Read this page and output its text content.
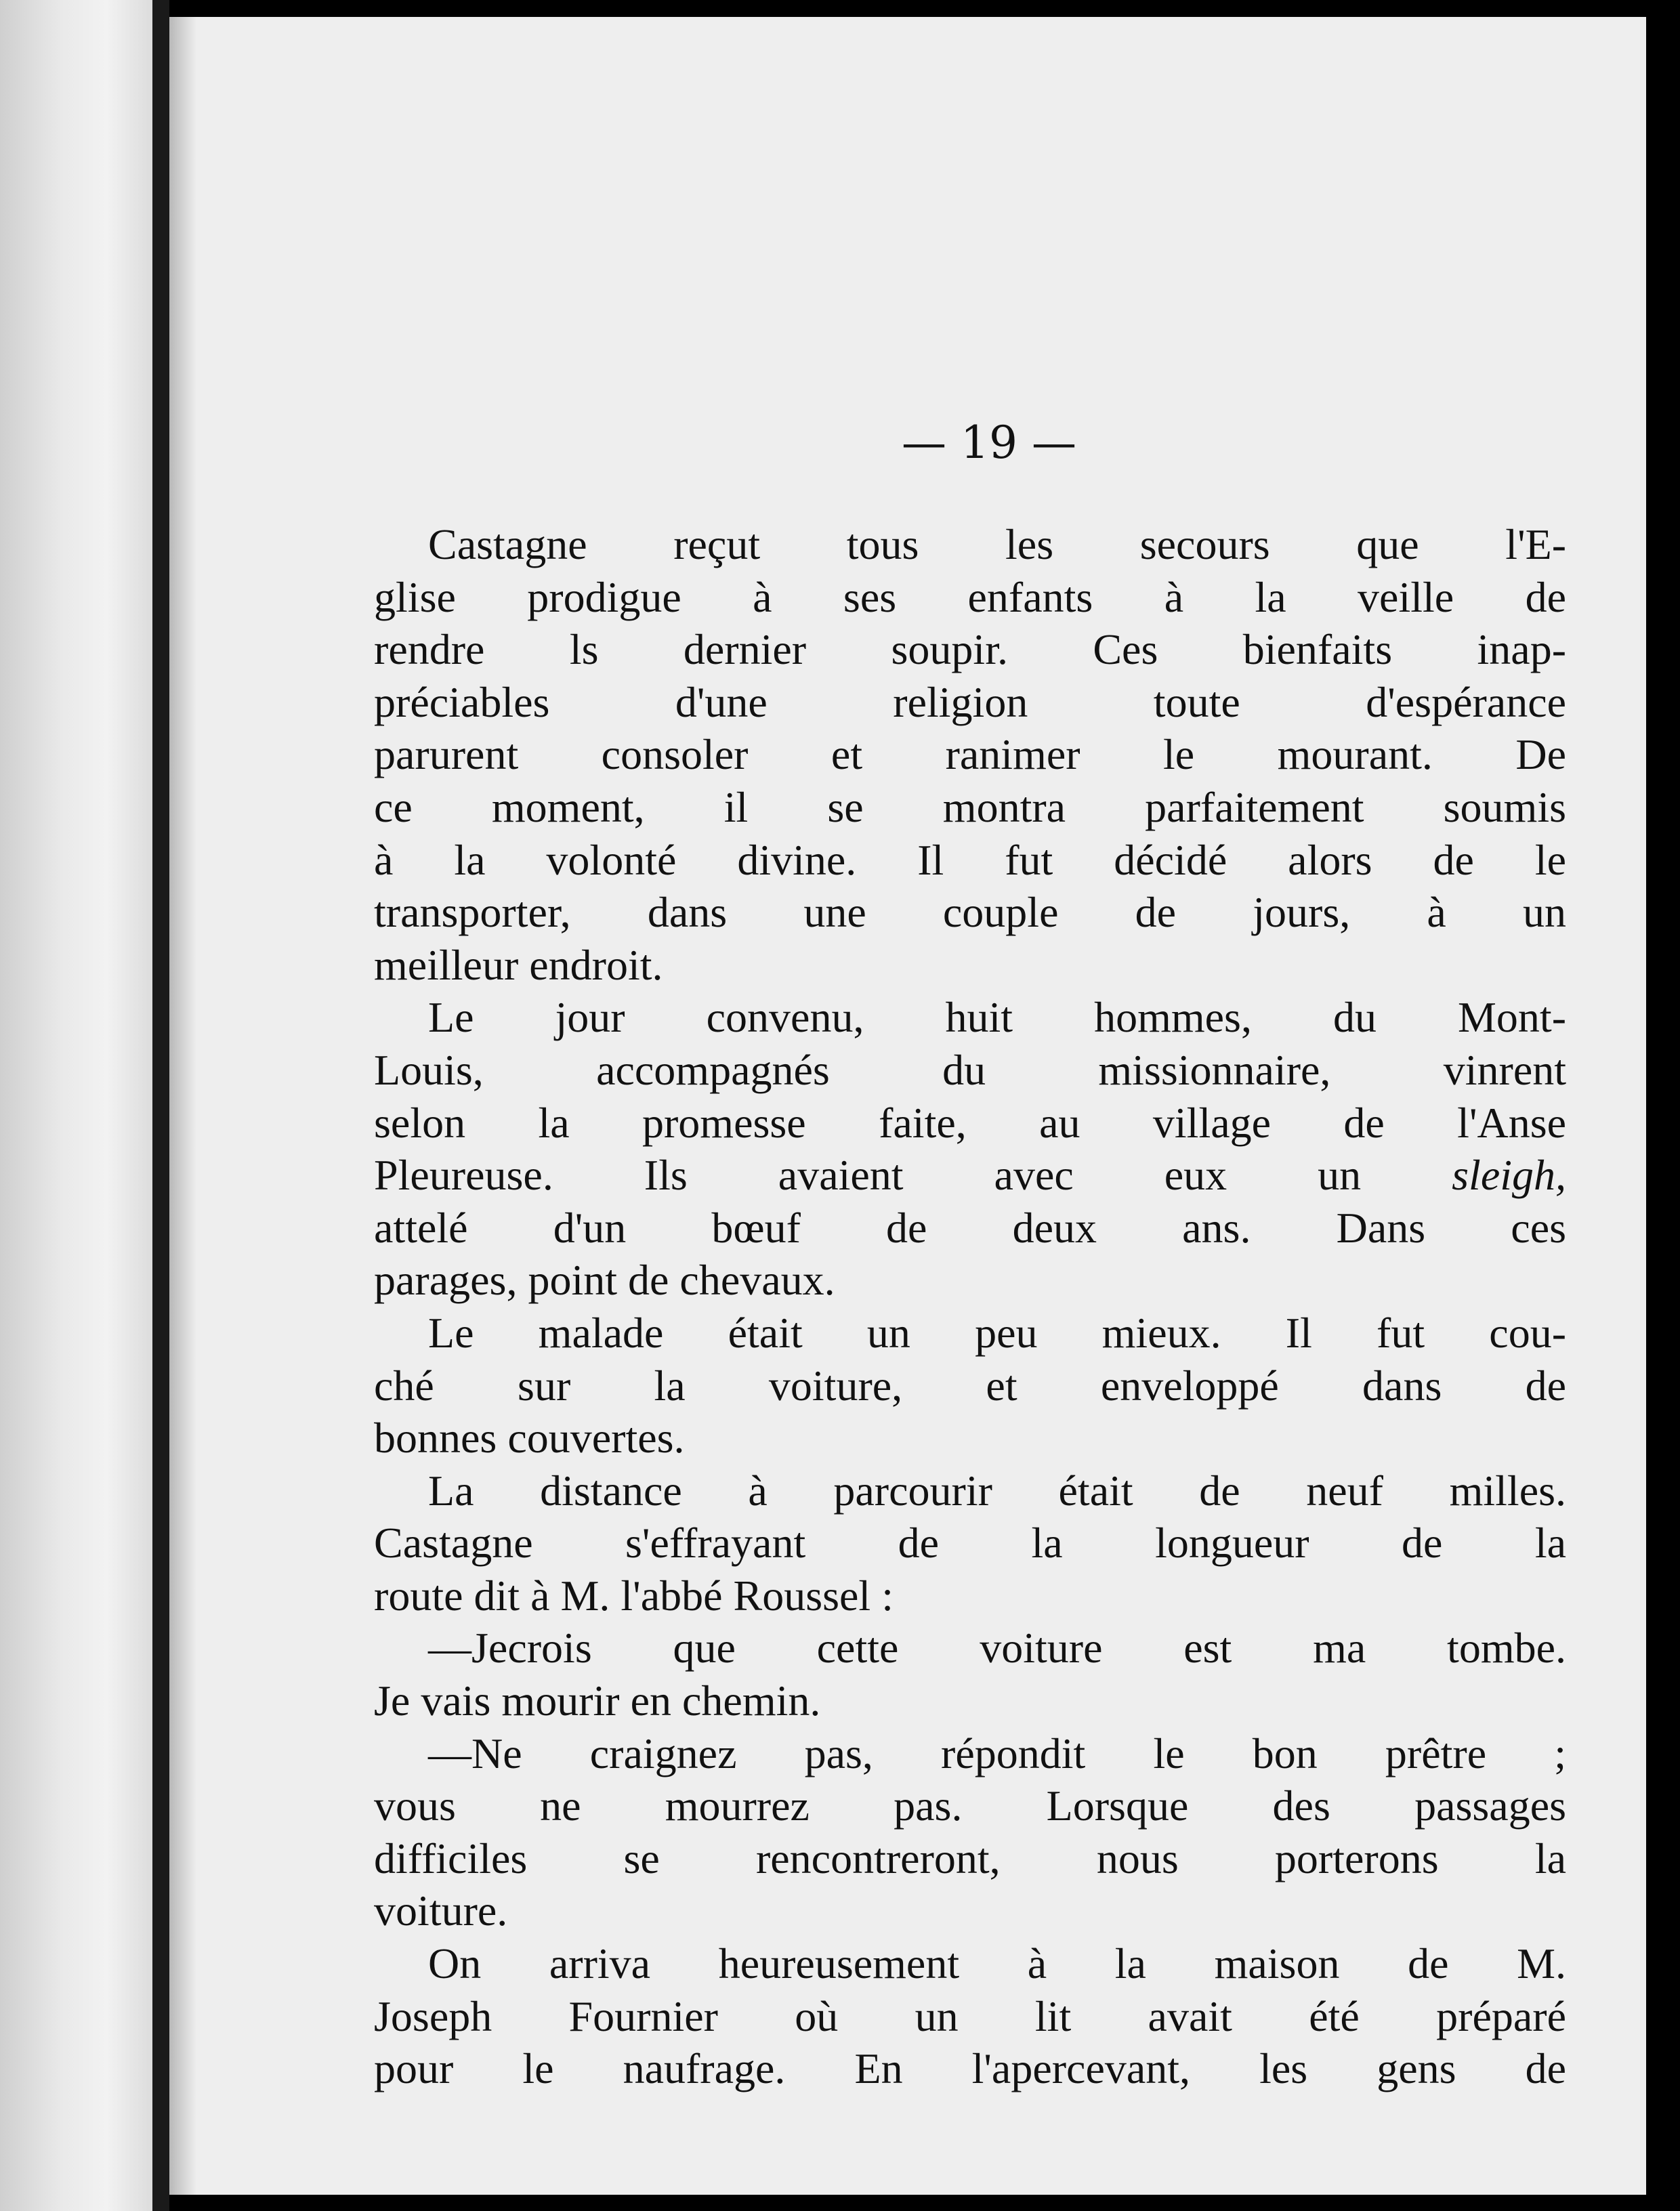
— 19 —
Castagne reçut tous les secours que l'E-
glise prodigue à ses enfants à la veille de
rendre ls dernier soupir. Ces bienfaits inap-
préciables d'une religion toute d'espérance
parurent consoler et ranimer le mourant. De
ce moment, il se montra parfaitement soumis
à la volonté divine. Il fut décidé alors de le
transporter, dans une couple de jours, à un
meilleur endroit.
Le jour convenu, huit hommes, du Mont-
Louis, accompagnés du missionnaire, vinrent
selon la promesse faite, au village de l'Anse
Pleureuse. Ils avaient avec eux un sleigh,
attelé d'un bœuf de deux ans. Dans ces
parages, point de chevaux.
Le malade était un peu mieux. Il fut cou-
ché sur la voiture, et enveloppé dans de
bonnes couvertes.
La distance à parcourir était de neuf milles.
Castagne s'effrayant de la longueur de la
route dit à M. l'abbé Roussel :
—Jecrois que cette voiture est ma tombe.
Je vais mourir en chemin.
—Ne craignez pas, répondit le bon prêtre ;
vous ne mourrez pas. Lorsque des passages
difficiles se rencontreront, nous porterons la
voiture.
On arriva heureusement à la maison de M.
Joseph Fournier où un lit avait été préparé
pour le naufrage. En l'apercevant, les gens de
